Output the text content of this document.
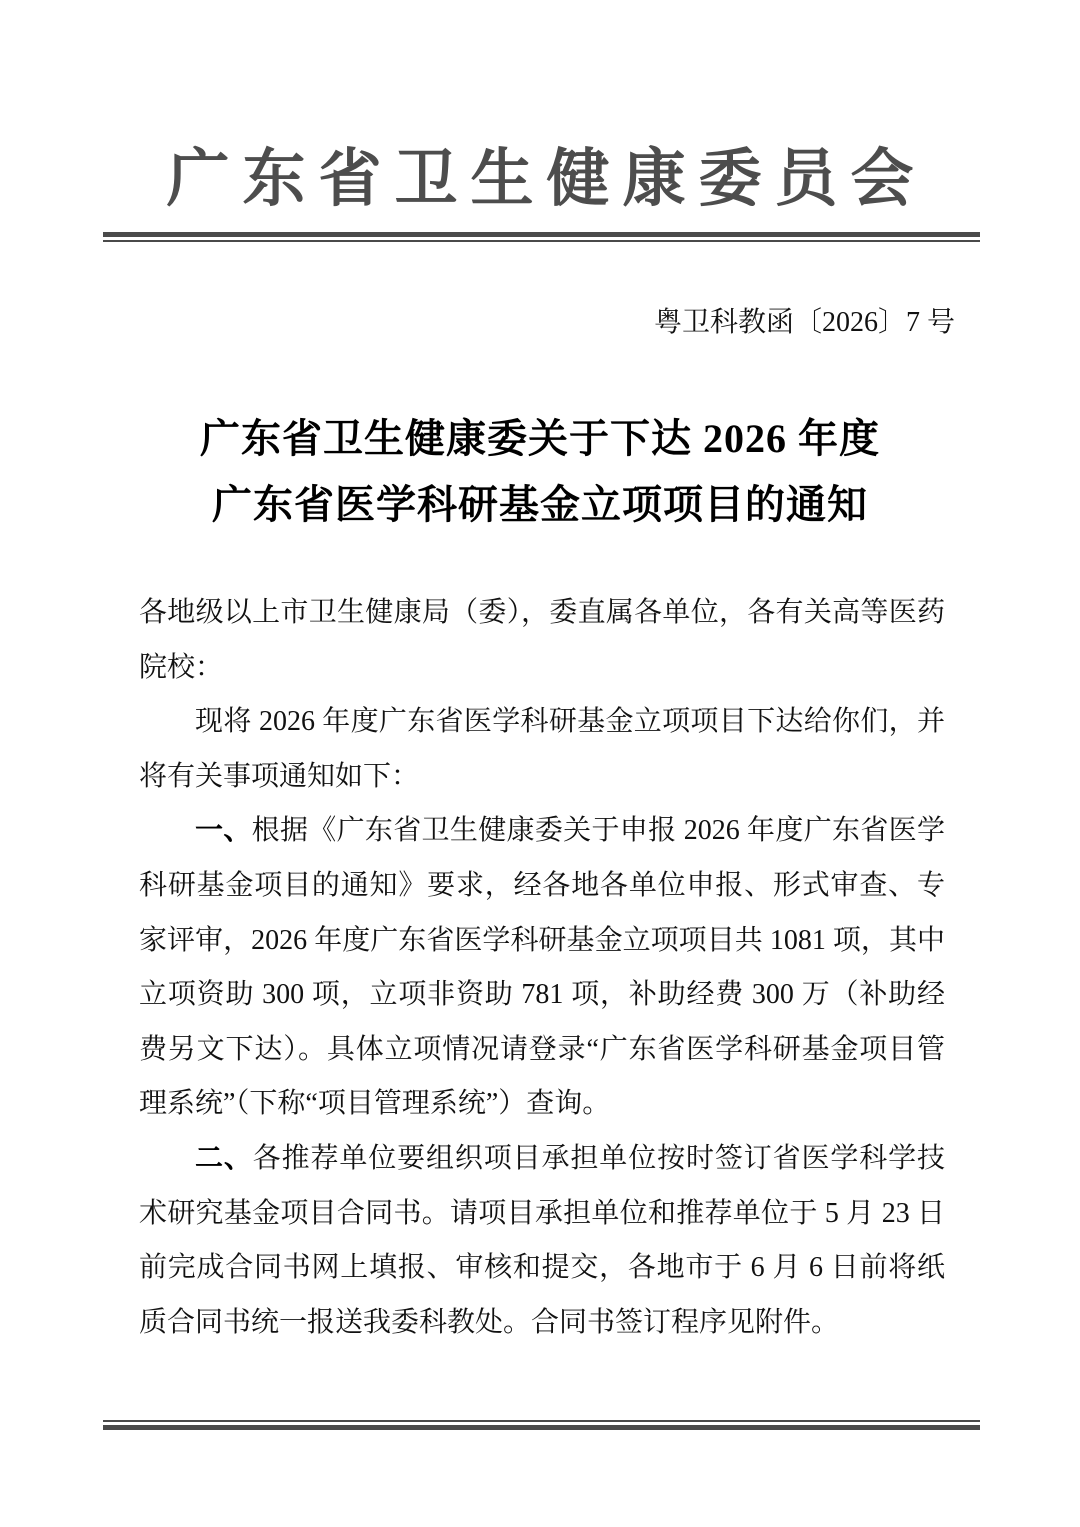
广东省卫生健康委员会
粤卫科教函〔2026〕7 号
广东省卫生健康委关于下达 2026 年度
广东省医学科研基金立项项目的通知

各地级以上市卫生健康局（委），委直属各单位，各有关高等医药院校：

现将 2026 年度广东省医学科研基金立项项目下达给你们，并将有关事项通知如下：

一、根据《广东省卫生健康委关于申报 2026 年度广东省医学科研基金项目的通知》要求，经各地各单位申报、形式审查、专家评审，2026 年度广东省医学科研基金立项项目共 1081 项，其中立项资助 300 项，立项非资助 781 项，补助经费 300 万（补助经费另文下达）。具体立项情况请登录“广东省医学科研基金项目管理系统”（下称“项目管理系统”）查询。

二、各推荐单位要组织项目承担单位按时签订省医学科学技术研究基金项目合同书。请项目承担单位和推荐单位于 5 月 23 日前完成合同书网上填报、审核和提交，各地市于 6 月 6 日前将纸质合同书统一报送我委科教处。合同书签订程序见附件。
